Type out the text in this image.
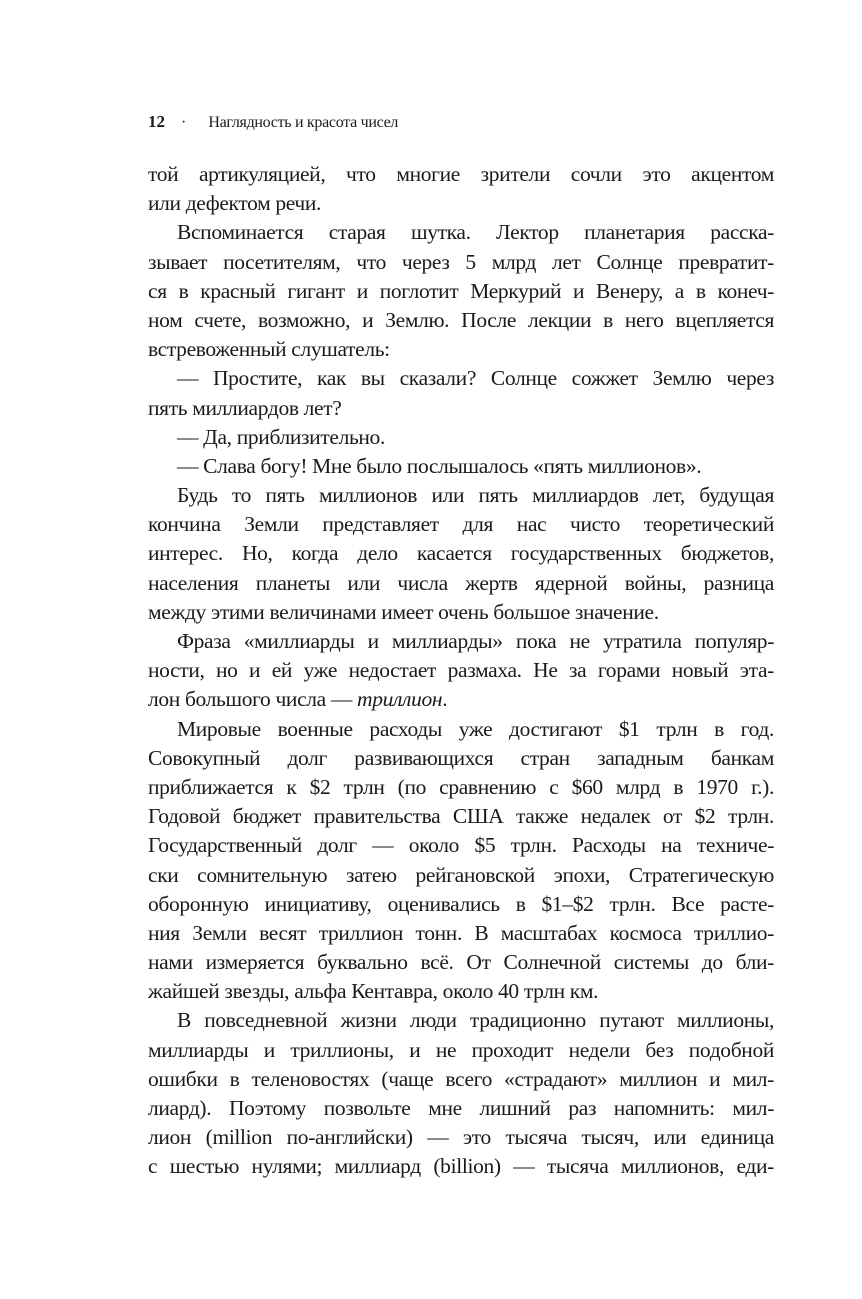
12 · Наглядность и красота чисел
той артикуляцией, что многие зрители сочли это акцентом
или дефектом речи.
Вспоминается старая шутка. Лектор планетария расска-
зывает посетителям, что через 5 млрд лет Солнце превратит-
ся в красный гигант и поглотит Меркурий и Венеру, а в конеч-
ном счете, возможно, и Землю. После лекции в него вцепляется
встревоженный слушатель:
— Простите, как вы сказали? Солнце сожжет Землю через
пять миллиардов лет?
— Да, приблизительно.
— Слава богу! Мне было послышалось «пять миллионов».
Будь то пять миллионов или пять миллиардов лет, будущая
кончина Земли представляет для нас чисто теоретический
интерес. Но, когда дело касается государственных бюджетов,
населения планеты или числа жертв ядерной войны, разница
между этими величинами имеет очень большое значение.
Фраза «миллиарды и миллиарды» пока не утратила популяр-
ности, но и ей уже недостает размаха. Не за горами новый эта-
лон большого числа — триллион.
Мировые военные расходы уже достигают $1 трлн в год.
Совокупный долг развивающихся стран западным банкам
приближается к $2 трлн (по сравнению с $60 млрд в 1970 г.).
Годовой бюджет правительства США также недалек от $2 трлн.
Государственный долг — около $5 трлн. Расходы на техниче-
ски сомнительную затею рейгановской эпохи, Стратегическую
оборонную инициативу, оценивались в $1–$2 трлн. Все расте-
ния Земли весят триллион тонн. В масштабах космоса триллио-
нами измеряется буквально всё. От Солнечной системы до бли-
жайшей звезды, альфа Кентавра, около 40 трлн км.
В повседневной жизни люди традиционно путают миллионы,
миллиарды и триллионы, и не проходит недели без подобной
ошибки в теленовостях (чаще всего «страдают» миллион и мил-
лиард). Поэтому позвольте мне лишний раз напомнить: мил-
лион (million по-английски) — это тысяча тысяч, или единица
с шестью нулями; миллиард (billion) — тысяча миллионов, еди-
